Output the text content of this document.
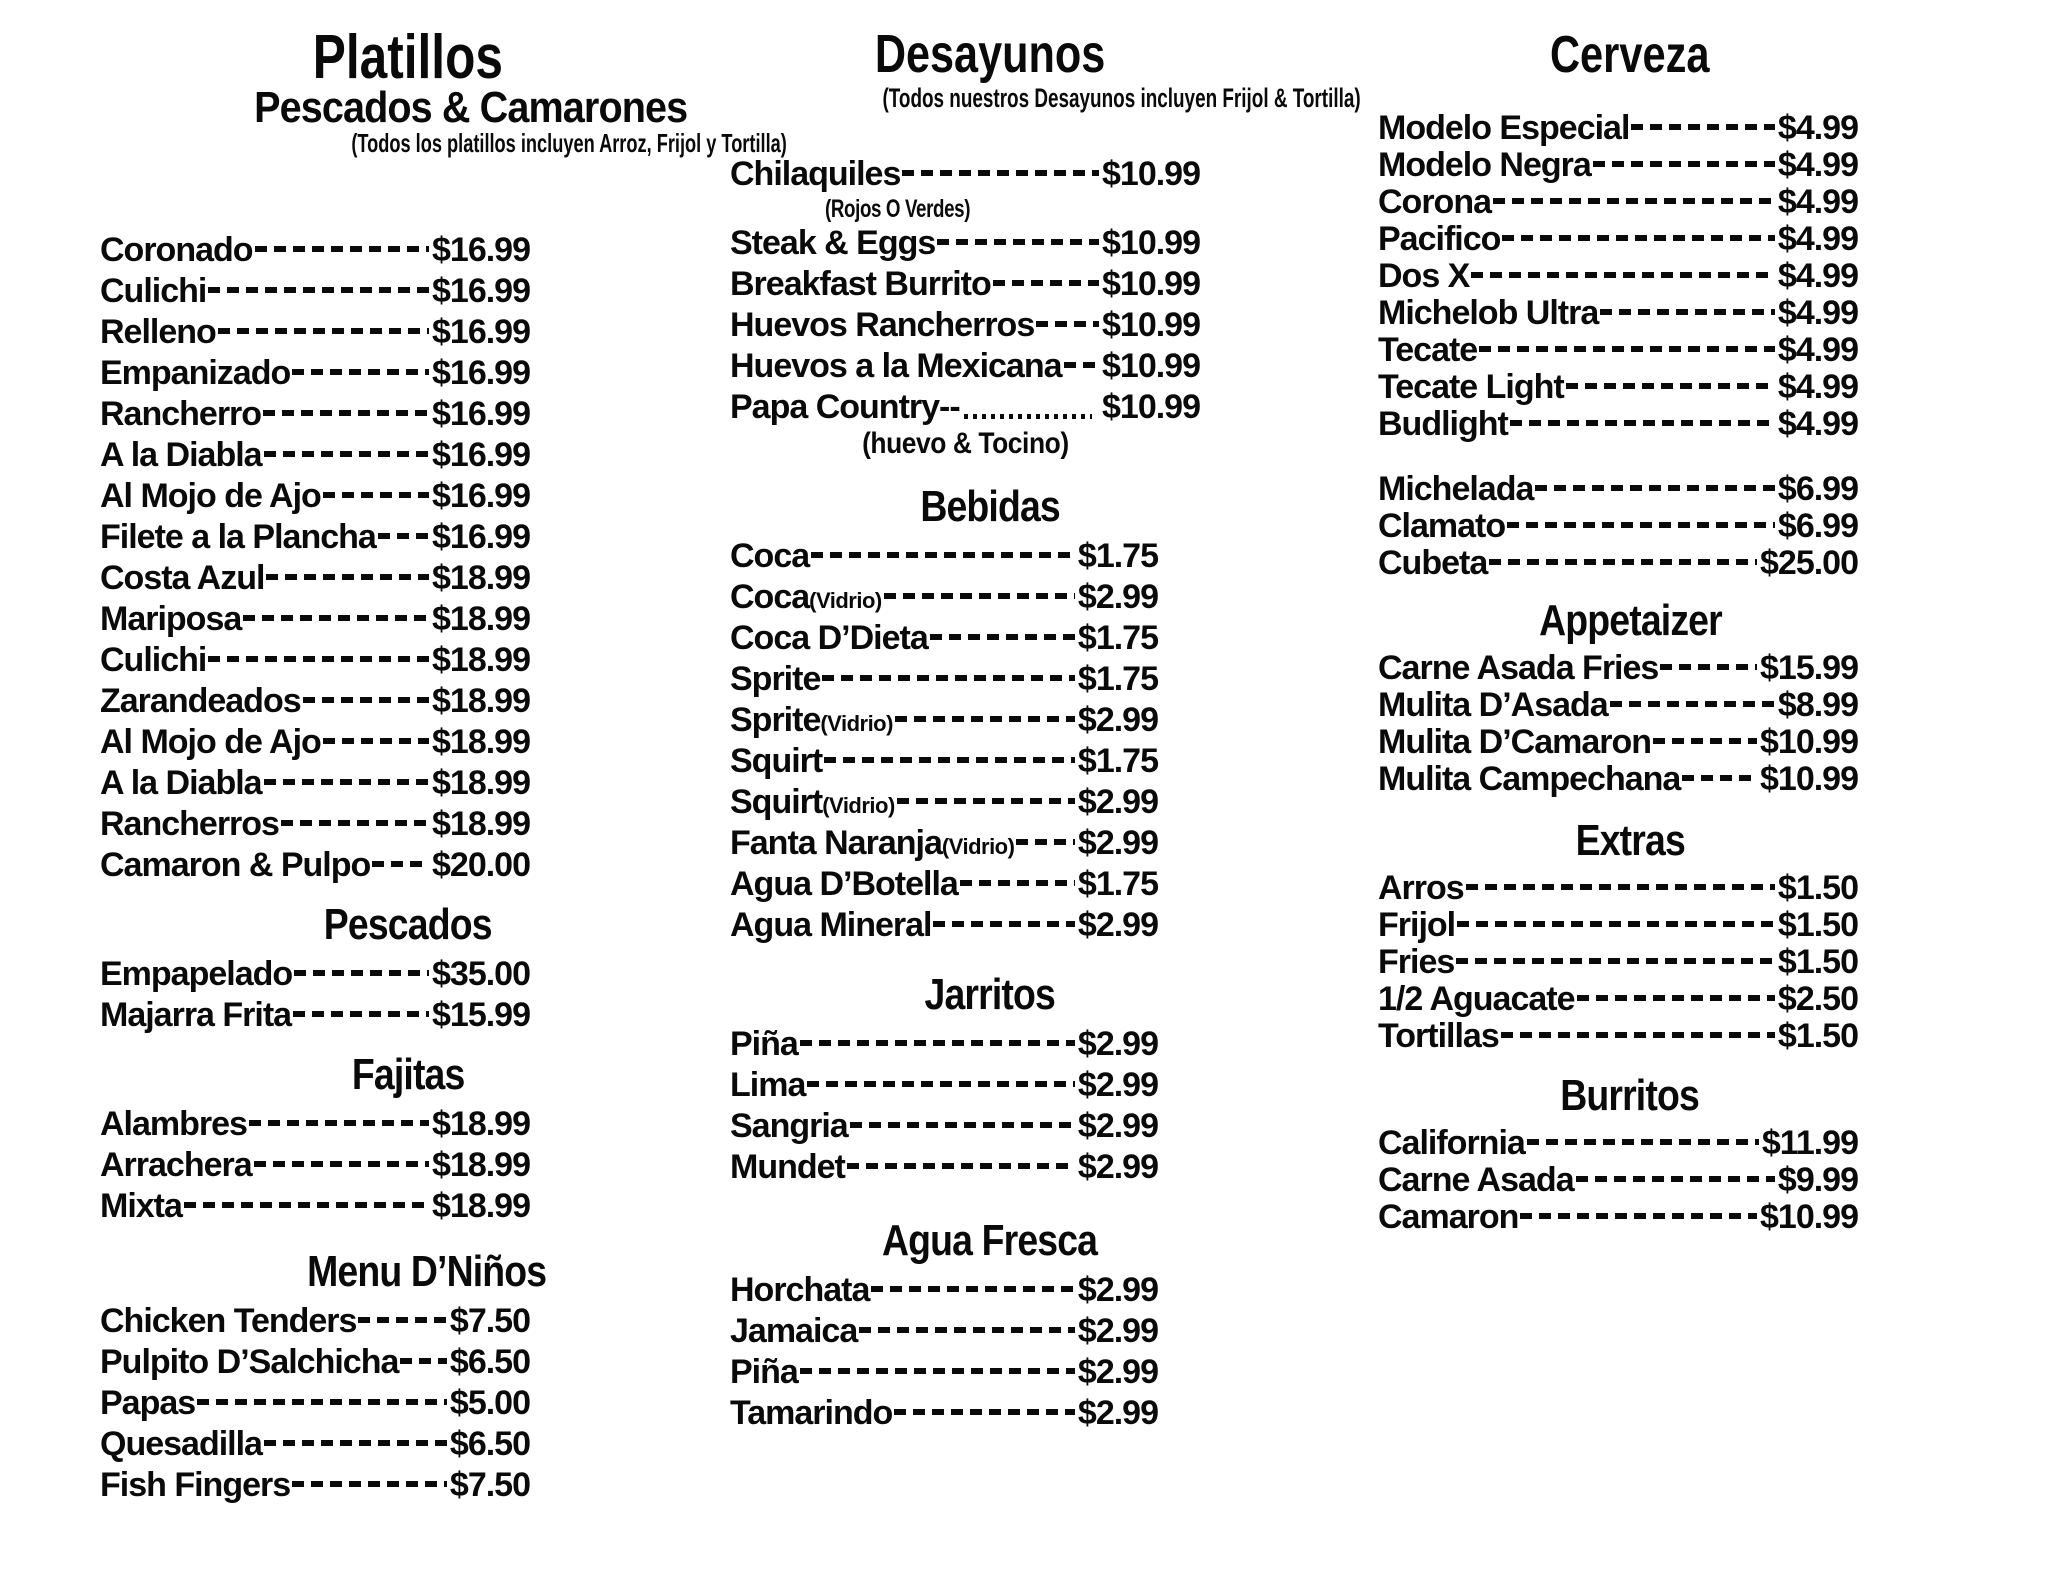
Platillos
Pescados & Camarones
(Todos los platillos incluyen Arroz, Frijol y Tortilla)
Coronado	$16.99
Culichi	$16.99
Relleno	$16.99
Empanizado	$16.99
Rancherro	$16.99
A la Diabla	$16.99
Al Mojo de Ajo	$16.99
Filete a la Plancha $16.99
Costa Azul	$18.99
Mariposa	$18.99
Culichi	$18.99
Zarandeados	$18.99
Al Mojo de Ajo	$18.99
A la Diabla	$18.99
Rancherros	$18.99
Camaron & Pulpo $20.00
Pescados
Empapelado	$35.00
Majarra Frita	$15.99
Fajitas
Alambres	$18.99
Arrachera	$18.99
Mixta	$18.99
Menu D’Niños
Chicken Tenders	$7.50
Pulpito D’Salchicha $6.50
Papas	$5.00
Quesadilla	$6.50
Fish Fingers	$7.50
Desayunos
(Todos nuestros Desayunos incluyen Frijol & Tortilla)
Chilaquiles	$10.99
(Rojos O Verdes)
Steak & Eggs	$10.99
Breakfast Burrito	$10.99
Huevos Rancherros $10.99
Huevos a la Mexicana $10.99
Papa Country--	$10.99
(huevo & Tocino)
Bebidas
Coca	$1.75
Coca(Vidrio)	$2.99
Coca D’Dieta	$1.75
Sprite	$1.75
Sprite(Vidrio)	$2.99
Squirt	$1.75
Squirt(Vidrio)	$2.99
Fanta Naranja(Vidrio) $2.99
Agua D’Botella	$1.75
Agua Mineral	$2.99
Jarritos
Piña	$2.99
Lima	$2.99
Sangria	$2.99
Mundet	$2.99
Agua Fresca
Horchata	$2.99
Jamaica	$2.99
Piña	$2.99
Tamarindo	$2.99
Cerveza
Modelo Especial	$4.99
Modelo Negra	$4.99
Corona	$4.99
Pacifico	$4.99
Dos X	$4.99
Michelob Ultra	$4.99
Tecate	$4.99
Tecate Light	$4.99
Budlight	$4.99
Michelada	$6.99
Clamato	$6.99
Cubeta	$25.00
Appetaizer
Carne Asada Fries	$15.99
Mulita D’Asada	$8.99
Mulita D’Camaron	$10.99
Mulita Campechana $10.99
Extras
Arros	$1.50
Frijol	$1.50
Fries	$1.50
1/2 Aguacate	$2.50
Tortillas	$1.50
Burritos
California	$11.99
Carne Asada	$9.99
Camaron	$10.99
